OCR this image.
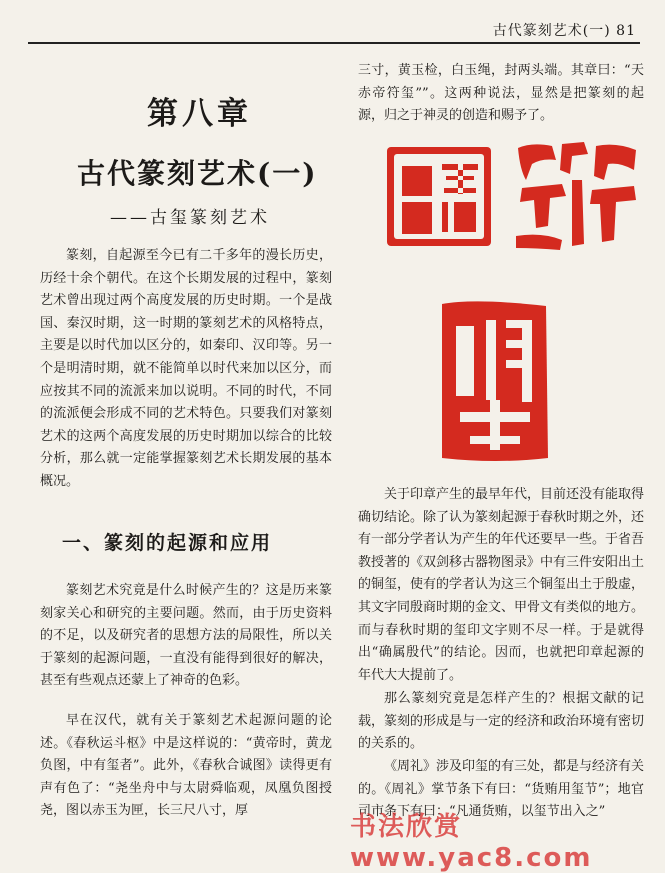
古代篆刻艺术(一) 81
第八章
古代篆刻艺术(一)
——古玺篆刻艺术

篆刻，自起源至今已有二千多年的漫长历史，历经十余个朝代。在这个长期发展的过程中，篆刻艺术曾出现过两个高度发展的历史时期。一个是战国、秦汉时期，这一时期的篆刻艺术的风格特点，主要是以时代加以区分的，如秦印、汉印等。另一个是明清时期，就不能简单以时代来加以区分，而应按其不同的流派来加以说明。不同的时代，不同的流派便会形成不同的艺术特色。只要我们对篆刻艺术的这两个高度发展的历史时期加以综合的比较分析，那么就一定能掌握篆刻艺术长期发展的基本概况。

一、篆刻的起源和应用

篆刻艺术究竟是什么时候产生的？这是历来篆刻家关心和研究的主要问题。然而，由于历史资料的不足，以及研究者的思想方法的局限性，所以关于篆刻的起源问题，一直没有能得到很好的解决，甚至有些观点还蒙上了神奇的色彩。

早在汉代，就有关于篆刻艺术起源问题的论述。《春秋运斗枢》中是这样说的：“黄帝时，黄龙负图，中有玺者”。此外，《春秋合诚图》读得更有声有色了：“尧坐舟中与太尉舜临观，凤凰负图授尧，图以赤玉为匣，长三尺八寸，厚

三寸，黄玉检，白玉绳，封两头端。其章曰：“天赤帝符玺””。这两种说法，显然是把篆刻的起源，归之于神灵的创造和赐予了。

关于印章产生的最早年代，目前还没有能取得确切结论。除了认为篆刻起源于春秋时期之外，还有一部分学者认为产生的年代还要早一些。于省吾教授著的《双剑移古器物图录》中有三件安阳出土的铜玺，使有的学者认为这三个铜玺出土于殷虚，其文字同殷商时期的金文、甲骨文有类似的地方。而与春秋时期的玺印文字则不尽一样。于是就得出“确属殷代”的结论。因而，也就把印章起源的年代大大提前了。

那么篆刻究竟是怎样产生的？根据文献的记载，篆刻的形成是与一定的经济和政治环境有密切的关系的。

《周礼》涉及印玺的有三处，都是与经济有关的。《周礼》掌节条下有曰：“货贿用玺节”；地官司市条下有曰：“凡通货贿，以玺节出入之”

书法欣赏 www.yac8.com
